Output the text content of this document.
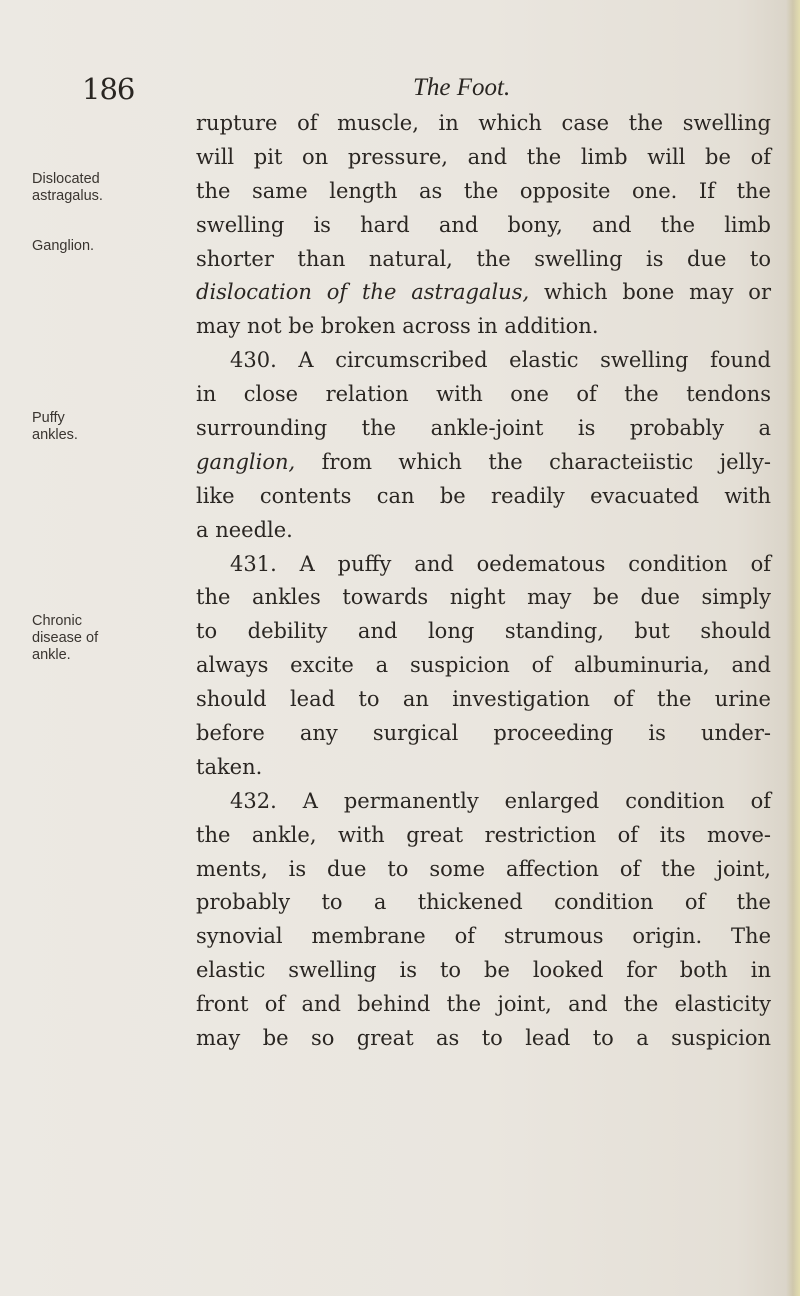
186	The Foot.
Dislocated
astragalus.
Ganglion.
Puffy
ankles.
Chronic
disease of
ankle.
rupture of muscle, in which case the swelling
will pit on pressure, and the limb will be of
the same length as the opposite one. If the
swelling is hard and bony, and the limb
shorter than natural, the swelling is due to
dislocation of the astragalus, which bone may or
may not be broken across in addition.
430. A circumscribed elastic swelling found
in close relation with one of the tendons
surrounding the ankle-joint is probably a
ganglion, from which the characteiistic jelly-
like contents can be readily evacuated with
a needle.
431. A puffy and oedematous condition of
the ankles towards night may be due simply
to debility and long standing, but should
always excite a suspicion of albuminuria, and
should lead to an investigation of the urine
before any surgical proceeding is under-
taken.
432. A permanently enlarged condition of
the ankle, with great restriction of its move-
ments, is due to some affection of the joint,
probably to a thickened condition of the
synovial membrane of strumous origin. The
elastic swelling is to be looked for both in
front of and behind the joint, and the elasticity
may be so great as to lead to a suspicion
